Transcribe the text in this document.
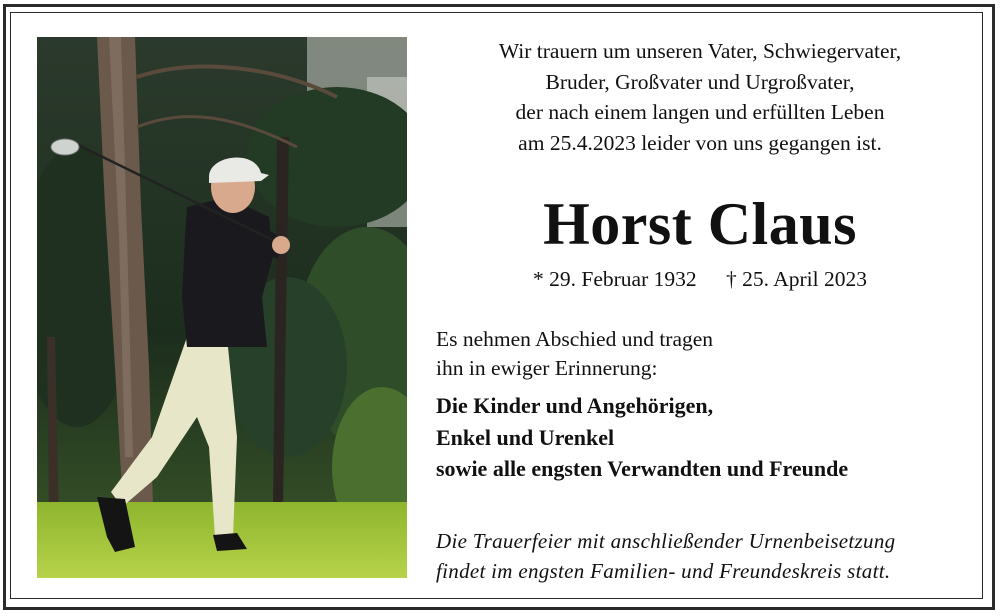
Wir trauern um unseren Vater, Schwiegervater,
Bruder, Großvater und Urgroßvater,
der nach einem langen und erfüllten Leben
am 25.4.2023 leider von uns gegangen ist.
Horst Claus
* 29. Februar 1932 † 25. April 2023
Es nehmen Abschied und tragen
ihn in ewiger Erinnerung:
Die Kinder und Angehörigen,
Enkel und Urenkel
sowie alle engsten Verwandten und Freunde
Die Trauerfeier mit anschließender Urnenbeisetzung
findet im engsten Familien- und Freundeskreis statt.
